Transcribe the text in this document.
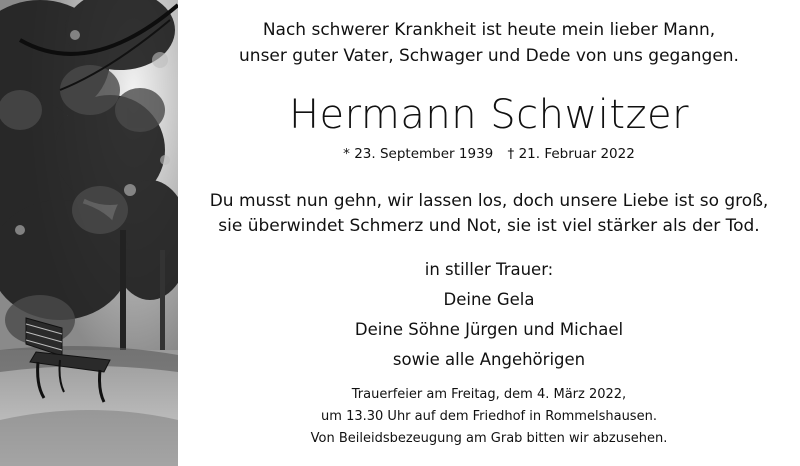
Nach schwerer Krankheit ist heute mein lieber Mann,
unser guter Vater, Schwager und Dede von uns gegangen.
Hermann Schwitzer
* 23. September 1939 † 21. Februar 2022
Du musst nun gehn, wir lassen los, doch unsere Liebe ist so groß,
sie überwindet Schmerz und Not, sie ist viel stärker als der Tod.
in stiller Trauer:
Deine Gela
Deine Söhne Jürgen und Michael
sowie alle Angehörigen
Trauerfeier am Freitag, dem 4. März 2022,
um 13.30 Uhr auf dem Friedhof in Rommelshausen.
Von Beileidsbezeugung am Grab bitten wir abzusehen.
